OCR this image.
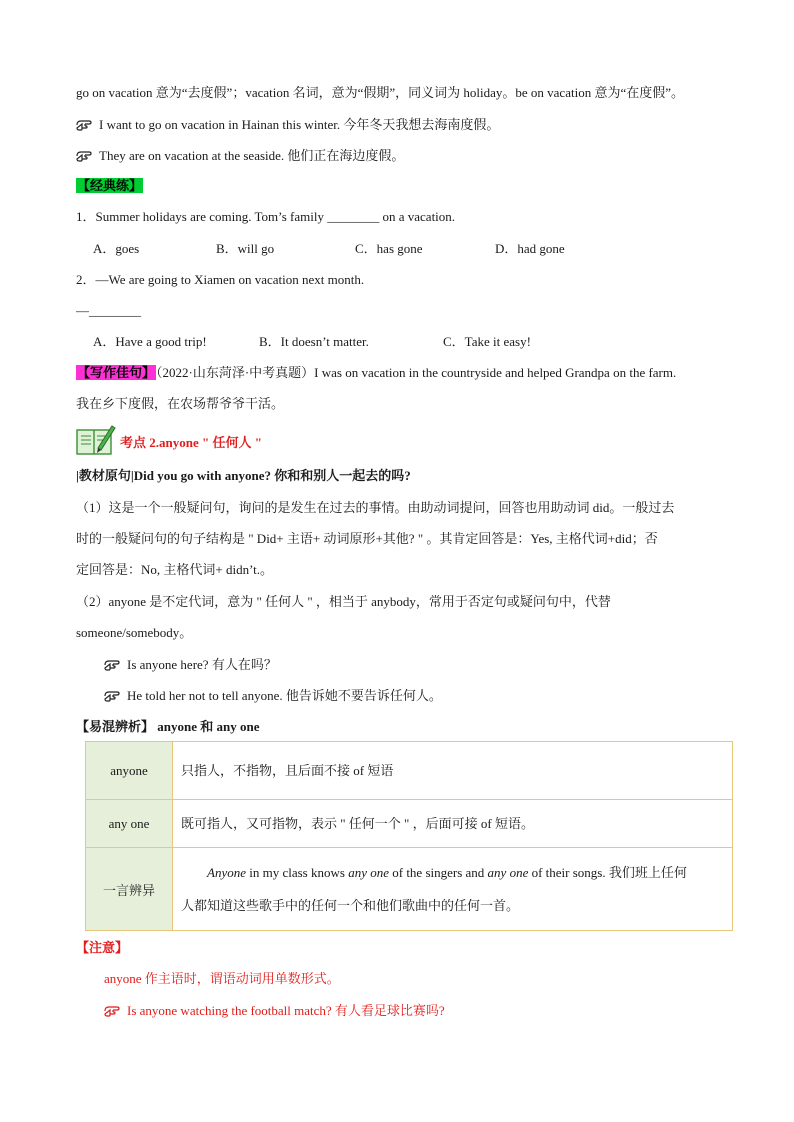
go on vacation 意为“去度假”；vacation 名词，意为“假期”，同义词为 holiday。be on vacation 意为“在度假”。
I want to go on vacation in Hainan this winter. 今年冬天我想去海南度假。
They are on vacation at the seaside. 他们正在海边度假。
【经典练】
1．Summer holidays are coming. Tom’s family ________ on a vacation.
A．goes	B．will go	C．has gone	D．had gone
2．—We are going to Xiamen on vacation next month.
—________
A．Have a good trip!	B．It doesn’t matter.	C．Take it easy!
【写作佳句】（2022·山东菏泽·中考真题）I was on vacation in the countryside and helped Grandpa on the farm.
我在乡下度假，在农场帮爷爷干活。
考点 2.anyone " 任何人 "
|教材原句|Did you go with anyone? 你和和别人一起去的吗?
（1）这是一个一般疑问句，询问的是发生在过去的事情。由助动词提问，回答也用助动词 did。一般过去
时的一般疑问句的句子结构是 " Did+ 主语+ 动词原形+其他? " 。其肯定回答是：Yes, 主格代词+did；否
定回答是：No, 主格代词+ didn’t.。
（2）anyone 是不定代词，意为 " 任何人 " ，相当于 anybody，常用于否定句或疑问句中，代替
someone/somebody。
Is anyone here? 有人在吗？
He told her not to tell anyone. 他告诉她不要告诉任何人。
【易混辨析】 anyone 和 any one
anyone	只指人，不指物，且后面不接 of 短语
any one	既可指人，又可指物，表示 " 任何一个 " ，后面可接 of 短语。
一言辨异	Anyone in my class knows any one of the singers and any one of their songs. 我们班上任何
人都知道这些歌手中的任何一个和他们歌曲中的任何一首。
【注意】
anyone 作主语时，谓语动词用单数形式。
Is anyone watching the football match? 有人看足球比赛吗?
